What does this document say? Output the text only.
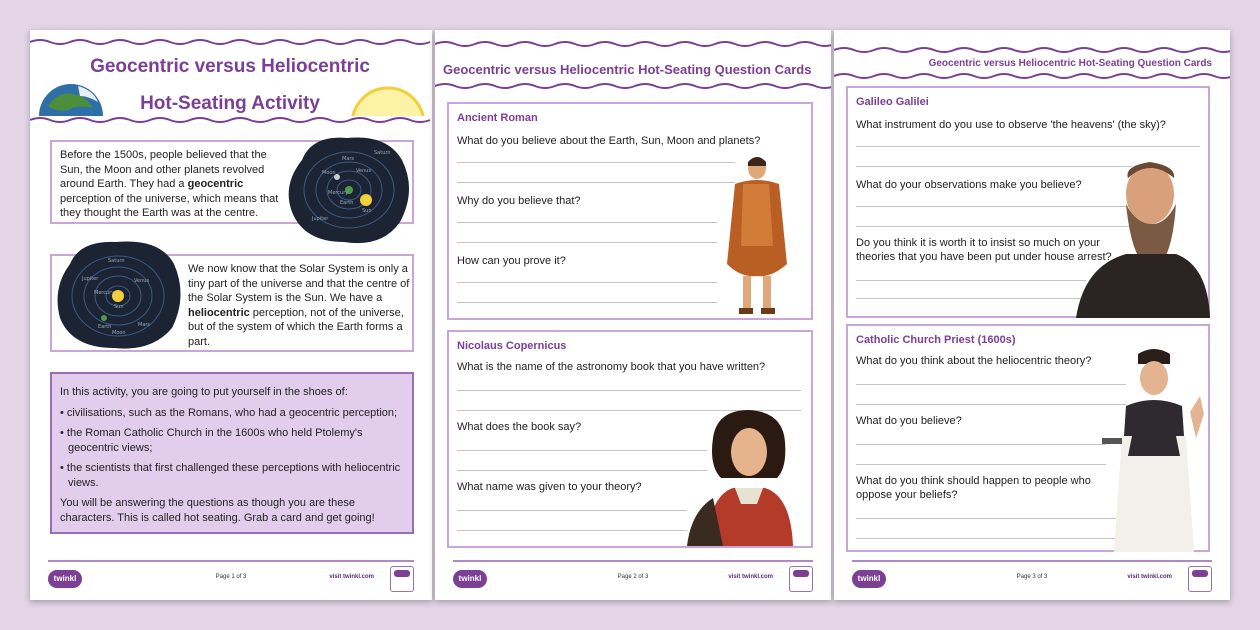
Geocentric versus Heliocentric
Hot-Seating Activity
Before the 1500s, people believed that the Sun, the Moon and other planets revolved around Earth. They had a geocentric perception of the universe, which means that they thought the Earth was at the centre.
Mars
Moon
Mercury
Earth
Sun
Venus
Jupiter
Saturn
Saturn
Jupiter
Sun
Earth
Moon
Mars
Venus
Mercury
We now know that the Solar System is only a tiny part of the universe and that the centre of the Solar System is the Sun. We have a heliocentric perception, not of the universe, but of the system of which the Earth forms a part.

In this activity, you are going to put yourself in the shoes of:

• civilisations, such as the Romans, who had a geocentric perception;

• the Roman Catholic Church in the 1600s who held Ptolemy's geocentric views;

• the scientists that first challenged these perceptions with heliocentric views.

You will be answering the questions as though you are these characters. This is called hot seating. Grab a card and get going!

twinkl	Page 1 of 3	visit twinkl.com
Geocentric versus Heliocentric Hot-Seating Question Cards
Ancient Roman
What do you believe about the Earth, Sun, Moon and planets?
Why do you believe that?
How can you prove it?
Nicolaus Copernicus
What is the name of the astronomy book that you have written?
What does the book say?
What name was given to your theory?
twinkl	Page 2 of 3	visit twinkl.com
Geocentric versus Heliocentric Hot-Seating Question Cards
Galileo Galilei
What instrument do you use to observe 'the heavens' (the sky)?
What do your observations make you believe?
Do you think it is worth it to insist so much on your theories that you have been put under house arrest?
Catholic Church Priest (1600s)
What do you think about the heliocentric theory?
What do you believe?
What do you think should happen to people who oppose your beliefs?
twinkl	Page 3 of 3	visit twinkl.com
